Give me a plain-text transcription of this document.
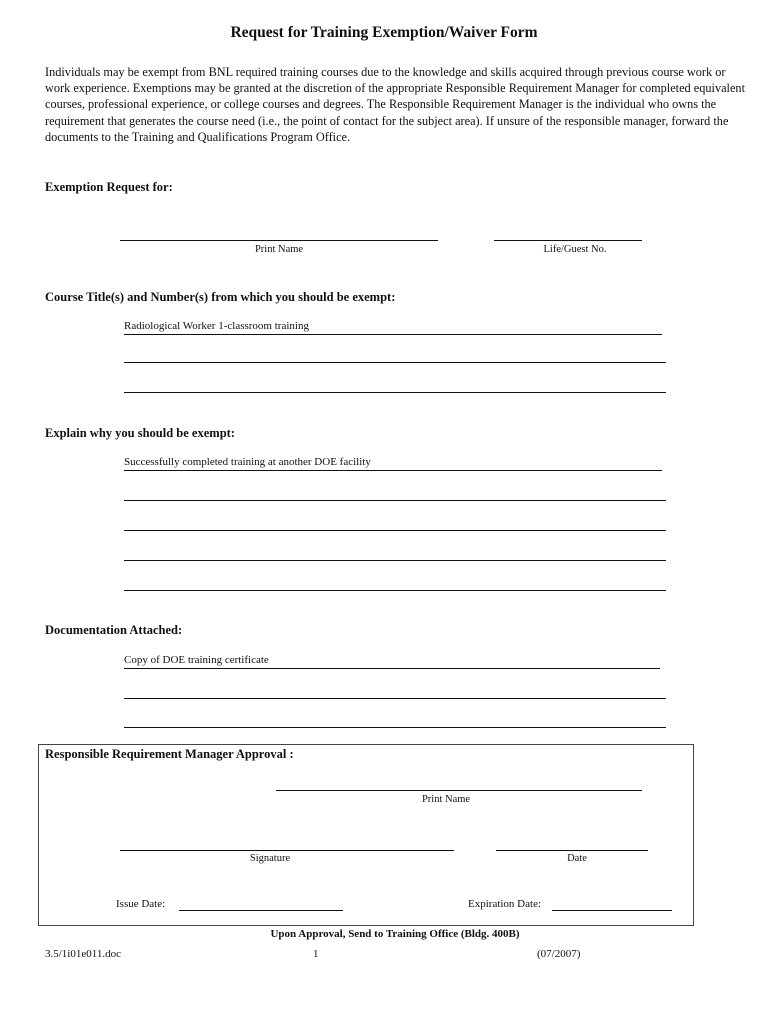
Request for Training Exemption/Waiver Form
Individuals may be exempt from BNL required training courses due to the knowledge and skills acquired through previous course work or work experience. Exemptions may be granted at the discretion of the appropriate Responsible Requirement Manager for completed equivalent courses, professional experience, or college courses and degrees. The Responsible Requirement Manager is the individual who owns the requirement that generates the course need (i.e., the point of contact for the subject area). If unsure of the responsible manager, forward the documents to the Training and Qualifications Program Office.
Exemption Request for:
Print Name	Life/Guest No.
Course Title(s) and Number(s) from which you should be exempt:
Radiological Worker 1-classroom training
Explain why you should be exempt:
Successfully completed training at another DOE facility
Documentation Attached:
Copy of DOE training certificate
Responsible Requirement Manager Approval :
Print Name
Signature	Date
Issue Date:	Expiration Date:
Upon Approval, Send to Training Office (Bldg. 400B)
3.5/1i01e011.doc	1	(07/2007)
